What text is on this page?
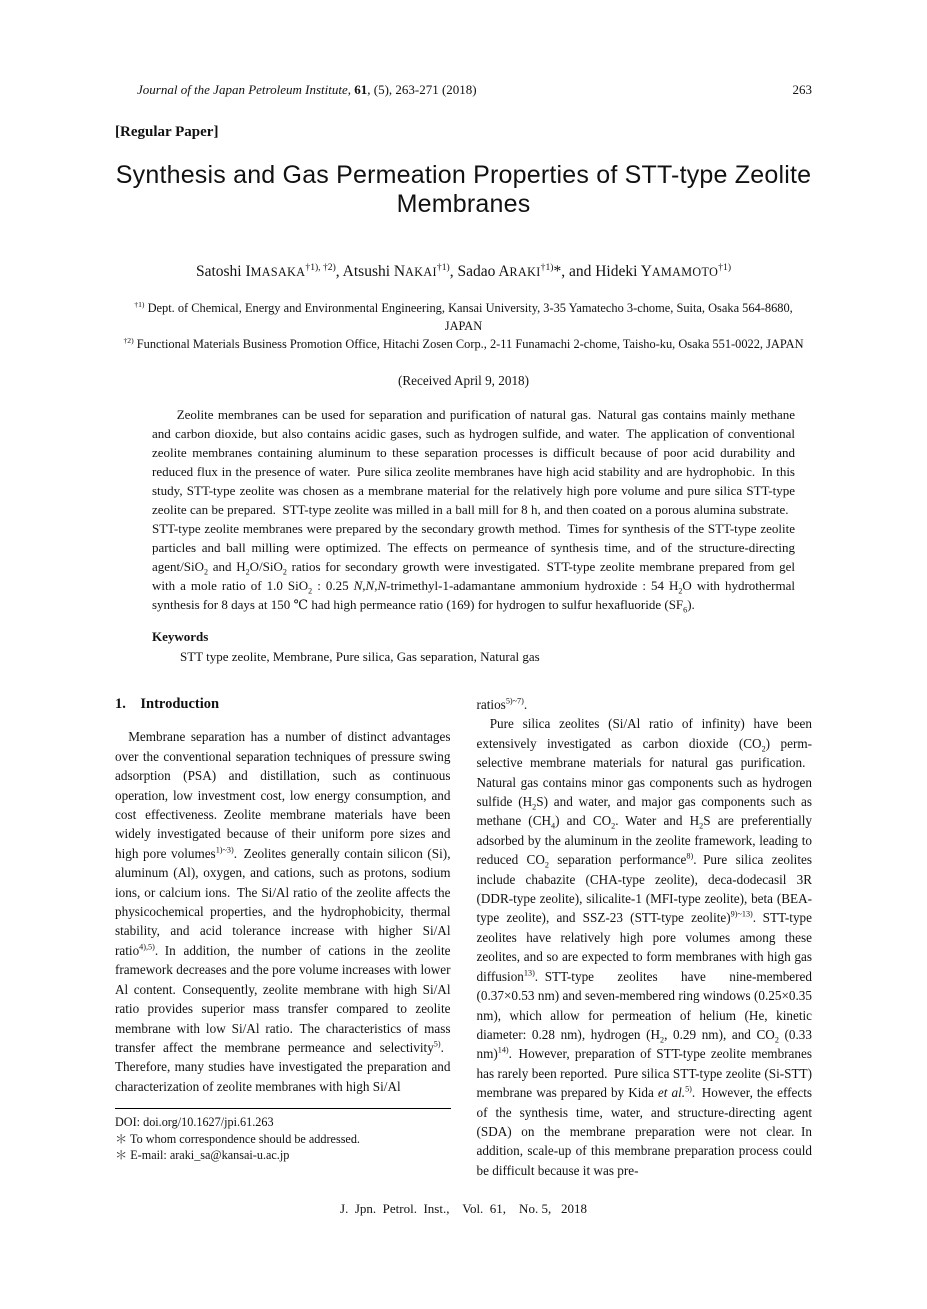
Journal of the Japan Petroleum Institute, 61, (5), 263-271 (2018)	263
[Regular Paper]
Synthesis and Gas Permeation Properties of STT-type Zeolite Membranes
Satoshi $IMASAKA^{\dagger 1), \dagger 2)}$, Atsushi NAKAI$^{\dagger 1)}$, Sadao ARAKI$^{\dagger 1)}$*, and Hideki YAMAMOTO$^{\dagger 1)}$
$^{\dagger 1)}$ Dept. of Chemical, Energy and Environmental Engineering, Kansai University, 3-35 Yamatecho 3-chome, Suita, Osaka 564-8680, JAPAN
$^{\dagger 2)}$ Functional Materials Business Promotion Office, Hitachi Zosen Corp., 2-11 Funamachi 2-chome, Taisho-ku, Osaka 551-0022, JAPAN
(Received April 9, 2018)

Zeolite membranes can be used for separation and purification of natural gas. Natural gas contains mainly methane and carbon dioxide, but also contains acidic gases, such as hydrogen sulfide, and water. The application of conventional zeolite membranes containing aluminum to these separation processes is difficult because of poor acid durability and reduced flux in the presence of water. Pure silica zeolite membranes have high acid stability and are hydrophobic. In this study, STT-type zeolite was chosen as a membrane material for the relatively high pore volume and pure silica STT-type zeolite can be prepared. STT-type zeolite was milled in a ball mill for 8 h, and then coated on a porous alumina substrate. STT-type zeolite membranes were prepared by the secondary growth method. Times for synthesis of the STT-type zeolite particles and ball milling were optimized. The effects on permeance of synthesis time, and of the structure-directing agent/SiO$_2$ and $H_2O/SiO_2$ ratios for secondary growth were investigated. STT-type zeolite membrane prepared from gel with a mole ratio of 1.0 SiO$_2$ : 0.25 N,N,N-trimethyl-1-adamantane ammonium hydroxide : 54 $H_2O$ with hydrothermal synthesis for 8 days at 150 ℃ had high permeance ratio (169) for hydrogen to sulfur hexafluoride $(SF_6)$.

Keywords
STT type zeolite, Membrane, Pure silica, Gas separation, Natural gas
1. Introduction

Membrane separation has a number of distinct advantages over the conventional separation techniques of pressure swing adsorption (PSA) and distillation, such as continuous operation, low investment cost, low energy consumption, and cost effectiveness. Zeolite membrane materials have been widely investigated because of their uniform pore sizes and high pore volumes$^{1)\sim 3)}$. Zeolites generally contain silicon (Si), aluminum (Al), oxygen, and cations, such as protons, sodium ions, or calcium ions. The Si/Al ratio of the zeolite affects the physicochemical properties, and the hydrophobicity, thermal stability, and acid tolerance increase with higher Si/Al ratio$^{4),5)}$. In addition, the number of cations in the zeolite framework decreases and the pore volume increases with lower Al content. Consequently, zeolite membrane with high Si/Al ratio provides superior mass transfer compared to zeolite membrane with low Si/Al ratio. The characteristics of mass transfer affect the membrane permeance and selectivity$^{5)}$. Therefore, many studies have investigated the preparation and characterization of zeolite membranes with high Si/Al

DOI: doi.org/10.1627/jpi.61.263
＊ To whom correspondence should be addressed.
＊ E-mail: araki_sa@kansai-u.ac.jp

ratios$^{5)\sim 7)}$.

Pure silica zeolites (Si/Al ratio of infinity) have been extensively investigated as carbon dioxide $(CO_2)$ perm-selective membrane materials for natural gas purification. Natural gas contains minor gas components such as hydrogen sulfide $(H_2S)$ and water, and major gas components such as methane $(CH_4)$ and $CO_2$. Water and $H_2S$ are preferentially adsorbed by the aluminum in the zeolite framework, leading to reduced $CO_2$ separation performance$^{8)}$. Pure silica zeolites include chabazite (CHA-type zeolite), deca-dodecasil 3R (DDR-type zeolite), silicalite-1 (MFI-type zeolite), beta (BEA-type zeolite), and SSZ-23 (STT-type zeolite)$^{9)\sim 13)}$. STT-type zeolites have relatively high pore volumes among these zeolites, and so are expected to form membranes with high gas diffusion$^{13)}$. STT-type zeolites have nine-membered (0.37×0.53 nm) and seven-membered ring windows (0.25×0.35 nm), which allow for permeation of helium (He, kinetic diameter: 0.28 nm), hydrogen ($H_2$, 0.29 nm), and $CO_2$ (0.33 nm)$^{14)}$. However, preparation of STT-type zeolite membranes has rarely been reported. Pure silica STT-type zeolite (Si-STT) membrane was prepared by Kida et al.$^{5)}$. However, the effects of the synthesis time, water, and structure-directing agent (SDA) on the membrane preparation were not clear. In addition, scale-up of this membrane preparation process could be difficult because it was pre-

J.  Jpn.  Petrol.  Inst.,    Vol.  61,    No. 5,   2018
